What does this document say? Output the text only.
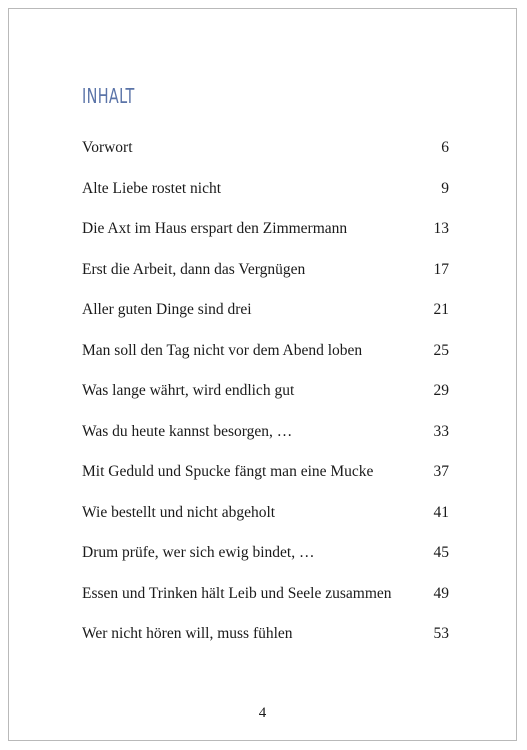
INHALT
Vorwort	6
Alte Liebe rostet nicht	9
Die Axt im Haus erspart den Zimmermann	13
Erst die Arbeit, dann das Vergnügen	17
Aller guten Dinge sind drei	21
Man soll den Tag nicht vor dem Abend loben	25
Was lange währt, wird endlich gut	29
Was du heute kannst besorgen, …	33
Mit Geduld und Spucke fängt man eine Mucke	37
Wie bestellt und nicht abgeholt	41
Drum prüfe, wer sich ewig bindet, …	45
Essen und Trinken hält Leib und Seele zusammen	49
Wer nicht hören will, muss fühlen	53
4
